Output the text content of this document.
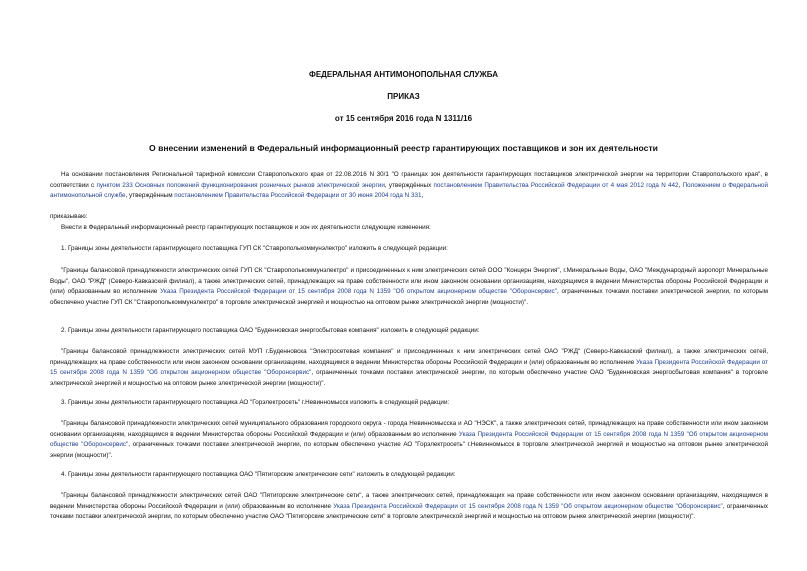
ФЕДЕРАЛЬНАЯ АНТИМОНОПОЛЬНАЯ СЛУЖБА
ПРИКАЗ
от 15 сентября 2016 года N 1311/16
О внесении изменений в Федеральный информационный реестр гарантирующих поставщиков и зон их деятельности

На основании постановления Региональной тарифной комиссии Ставропольского края от 22.08.2016 N 30/1 "О границах зон деятельности гарантирующих поставщиков электрической энергии на территории Ставропольского края", в соответствии с пунктом 233 Основных положений функционирования розничных рынков электрической энергии, утверждённых постановлением Правительства Российской Федерации от 4 мая 2012 года N 442, Положением о Федеральной антимонопольной службе, утверждённым постановлением Правительства Российской Федерации от 30 июня 2004 года N 331,

приказываю:

Внести в Федеральный информационный реестр гарантирующих поставщиков и зон их деятельности следующие изменения:

1. Границы зоны деятельности гарантирующего поставщика ГУП СК "Ставрополькоммунэлектро" изложить в следующей редакции:

"Границы балансовой принадлежности электрических сетей ГУП СК "Ставрополькоммунэлектро" и присоединенных к ним электрических сетей ООО "Концерн Энергия", г.Минеральные Воды, ОАО "Международный аэропорт Минеральные Воды", ОАО "РЖД" (Северо-Кавказский филиал), а также электрических сетей, принадлежащих на праве собственности или ином законном основании организациям, находящимся в ведении Министерства обороны Российской Федерации и (или) образованным во исполнение Указа Президента Российской Федерации от 15 сентября 2008 года N 1359 "Об открытом акционерном обществе "Оборонсервис", ограниченных точками поставки электрической энергии, по которым обеспечено участие ГУП СК "Ставрополькоммунэлектро" в торговле электрической энергией и мощностью на оптовом рынке электрической энергии (мощности)".

2. Границы зоны деятельности гарантирующего поставщика ОАО "Буденновская энергосбытовая компания" изложить в следующей редакции:

"Границы балансовой принадлежности электрических сетей МУП г.Буденновска "Электросетевая компания" и присоединенных к ним электрических сетей ОАО "РЖД" (Северо-Кавказский филиал), а также электрических сетей, принадлежащих на праве собственности или ином законном основании организациям, находящимся в ведении Министерства обороны Российской Федерации и (или) образованным во исполнение Указа Президента Российской Федерации от 15 сентября 2008 года N 1359 "Об открытом акционерном обществе "Оборонсервис", ограниченных точками поставки электрической энергии, по которым обеспечено участие ОАО "Буденновская энергосбытовая компания" в торговле электрической энергией и мощностью на оптовом рынке электрической энергии (мощности)".

3. Границы зоны деятельности гарантирующего поставщика АО "Горэлектросеть" г.Невинномысск изложить в следующей редакции:

"Границы балансовой принадлежности электрических сетей муниципального образования городского округа - города Невинномысска и АО "НЭСК", а также электрических сетей, принадлежащих на праве собственности или ином законном основании организациям, находящимся в ведении Министерства обороны Российской Федерации и (или) образованным во исполнение Указа Президента Российской Федерации от 15 сентября 2008 года N 1359 "Об открытом акционерном обществе "Оборонсервис", ограниченных точками поставки электрической энергии, по которым обеспечено участие АО "Горэлектросеть" г.Невинномысск в торговле электрической энергией и мощностью на оптовом рынке электрической энергии (мощности)".

4. Границы зоны деятельности гарантирующего поставщика ОАО "Пятигорские электрические сети" изложить в следующей редакции:

"Границы балансовой принадлежности электрических сетей ОАО "Пятигорские электрические сети", а также электрических сетей, принадлежащих на праве собственности или ином законном основании организациям, находящимся в ведении Министерства обороны Российской Федерации и (или) образованным во исполнение Указа Президента Российской Федерации от 15 сентября 2008 года N 1359 "Об открытом акционерном обществе "Оборонсервис", ограниченных точками поставки электрической энергии, по которым обеспечено участие ОАО "Пятигорские электрические сети" в торговле электрической энергией и мощностью на оптовом рынке электрической энергии (мощности)".
